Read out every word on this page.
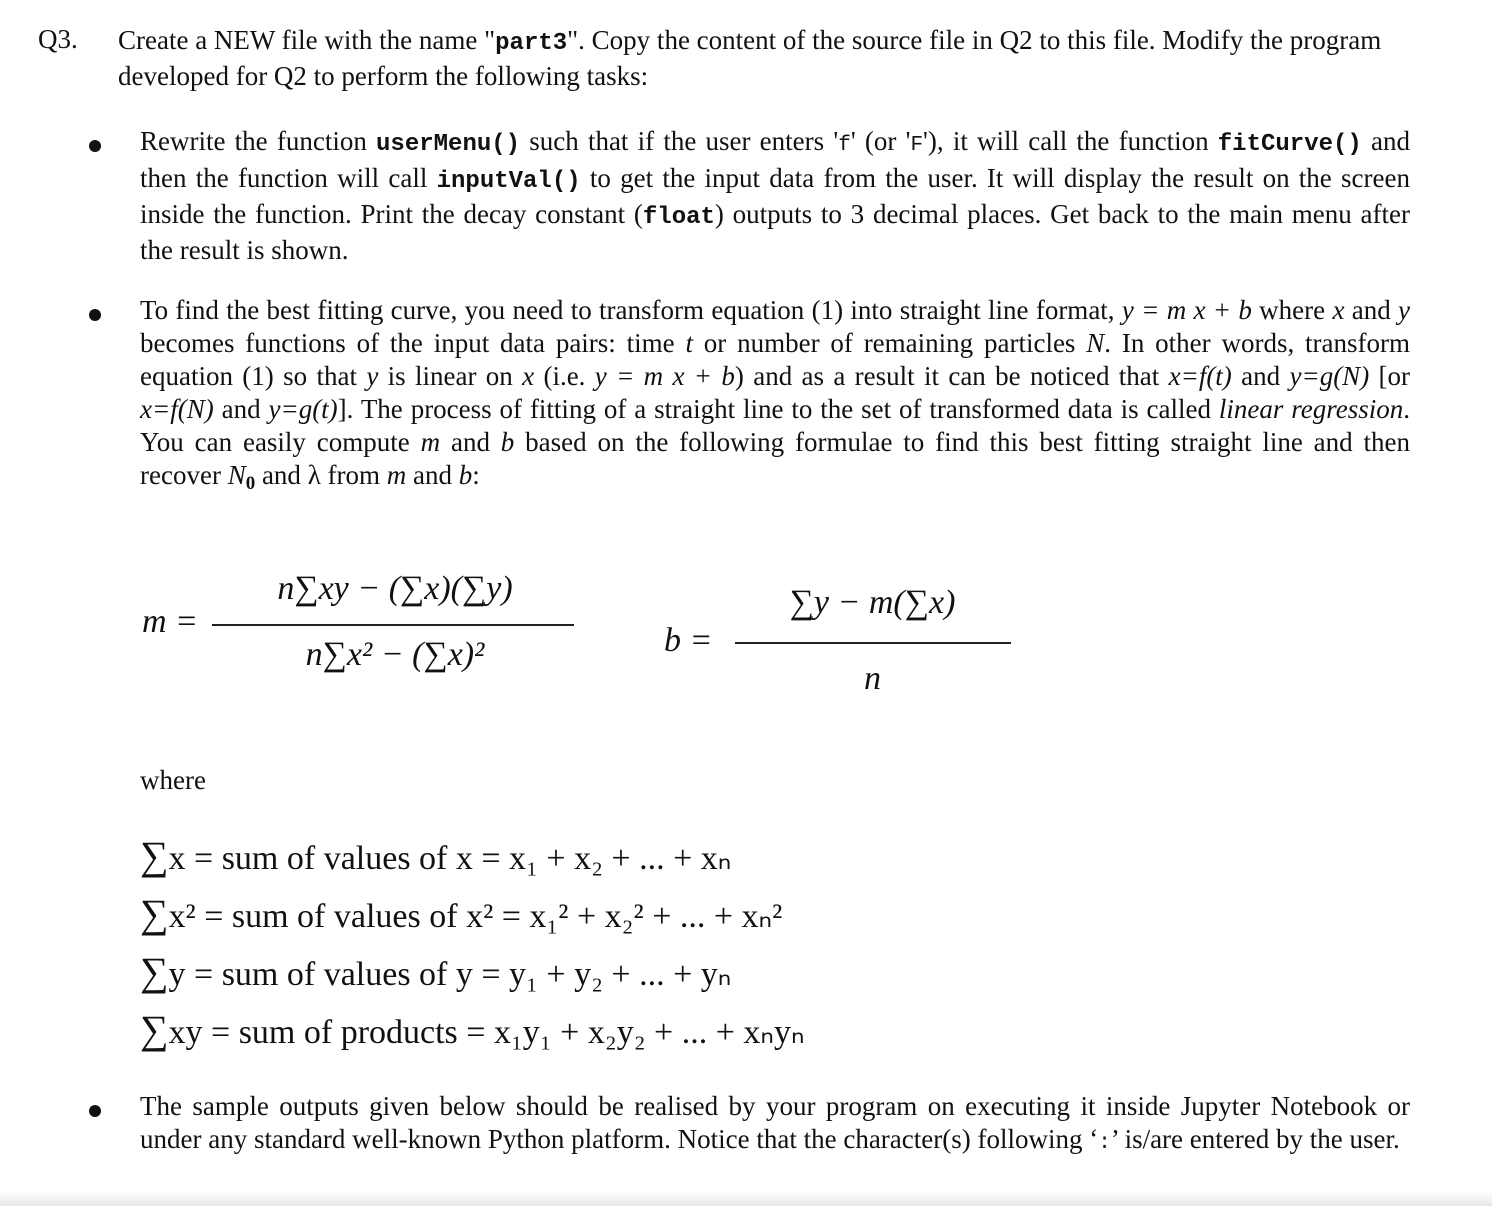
Q3. Create a NEW file with the name "part3". Copy the content of the source file in Q2 to this file. Modify the program developed for Q2 to perform the following tasks:
Rewrite the function userMenu() such that if the user enters 'f' (or 'F'), it will call the function fitCurve() and then the function will call inputVal() to get the input data from the user. It will display the result on the screen inside the function. Print the decay constant (float) outputs to 3 decimal places. Get back to the main menu after the result is shown.
To find the best fitting curve, you need to transform equation (1) into straight line format, y = m x + b where x and y becomes functions of the input data pairs: time t or number of remaining particles N. In other words, transform equation (1) so that y is linear on x (i.e. y = m x + b) and as a result it can be noticed that x=f(t) and y=g(N) [or x=f(N) and y=g(t)]. The process of fitting of a straight line to the set of transformed data is called linear regression. You can easily compute m and b based on the following formulae to find this best fitting straight line and then recover N0 and λ from m and b:
m =
n∑xy − (∑x)(∑y)
n∑x² − (∑x)²	b =
∑y − m(∑x)
n
where
∑x = sum of values of x = x₁ + x₂ + ... + xₙ
∑x² = sum of values of x² = x₁² + x₂² + ... + xₙ²
∑y = sum of values of y = y₁ + y₂ + ... + yₙ
∑xy = sum of products = x₁y₁ + x₂y₂ + ... + xₙyₙ
The sample outputs given below should be realised by your program on executing it inside Jupyter Notebook or under any standard well-known Python platform. Notice that the character(s) following ‘:’ is/are entered by the user.
